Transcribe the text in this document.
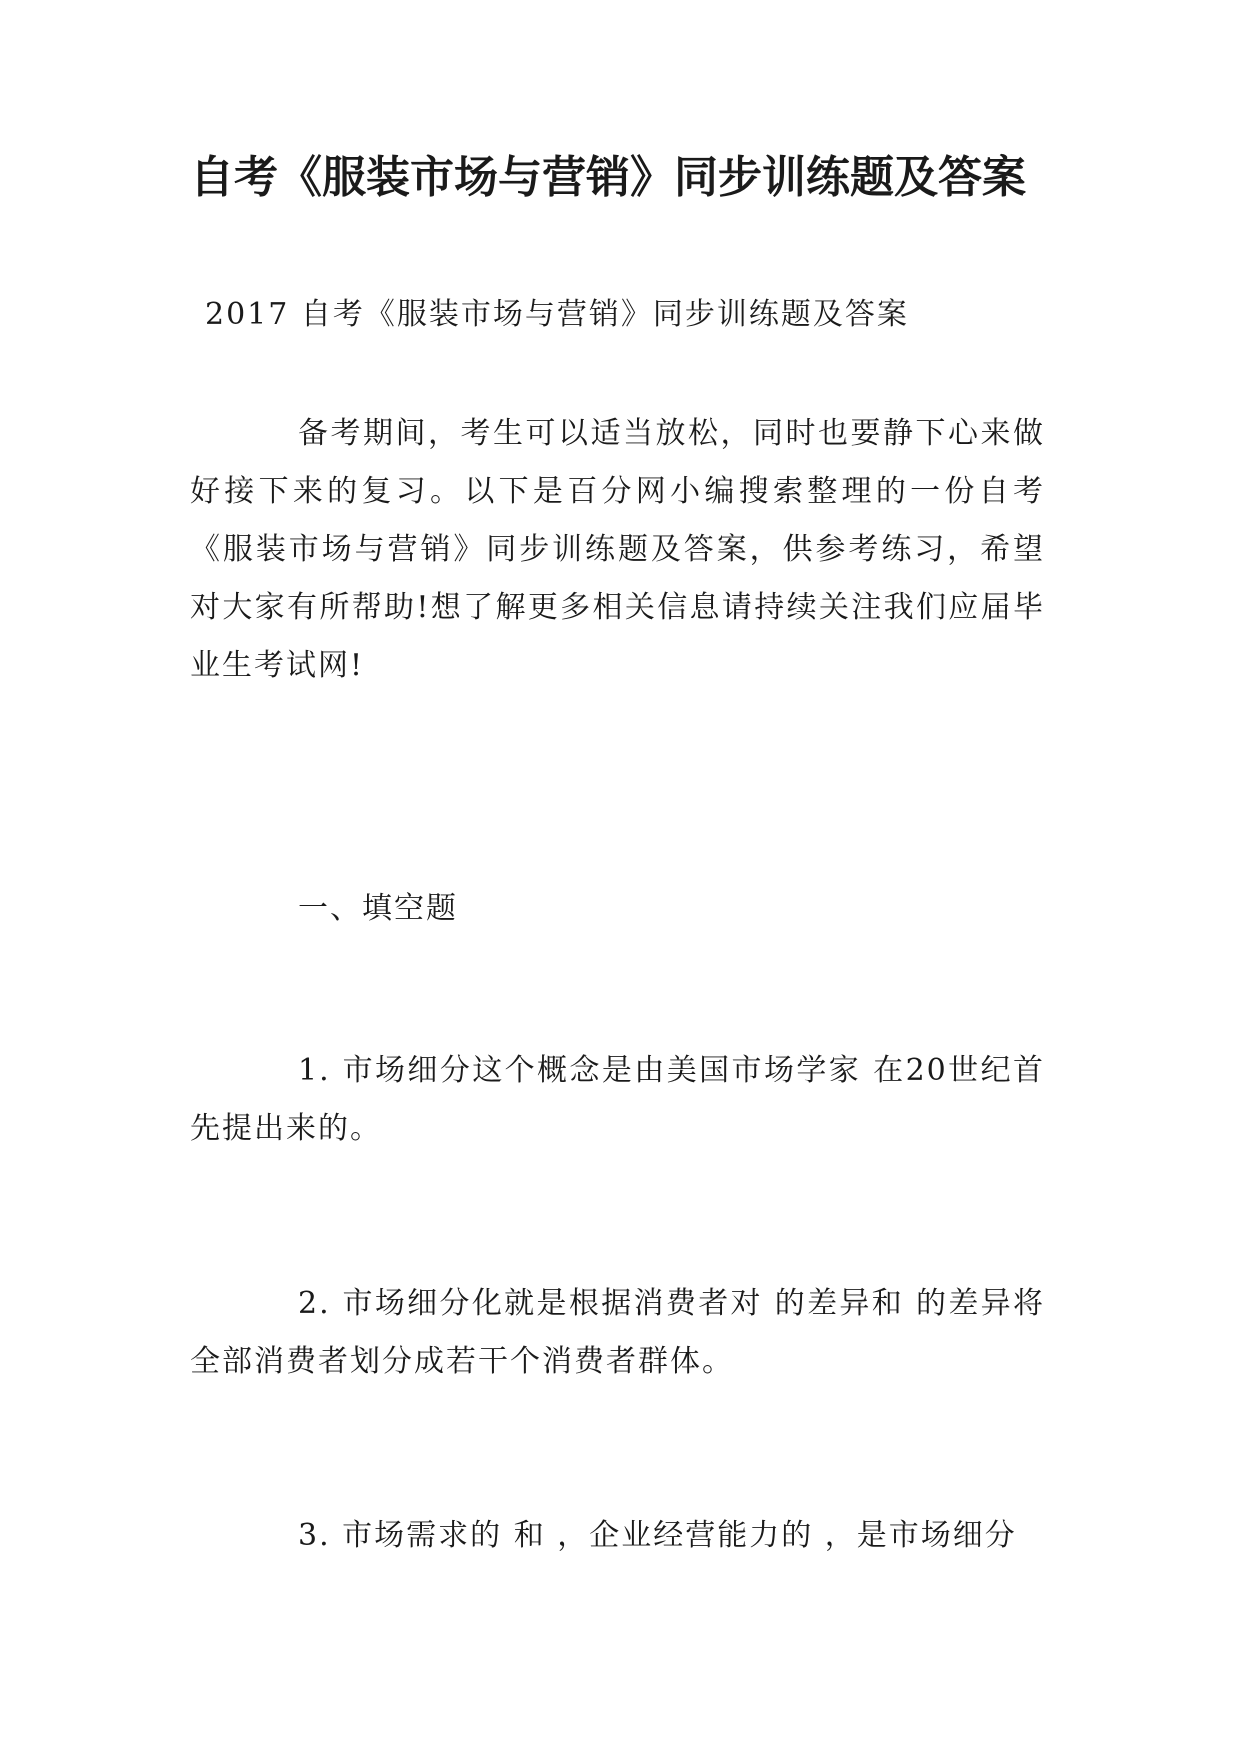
自考《服装市场与营销》同步训练题及答案
2017 自考《服装市场与营销》同步训练题及答案
备考期间，考生可以适当放松，同时也要静下心来做好接下来的复习。以下是百分网小编搜索整理的一份自考《服装市场与营销》同步训练题及答案，供参考练习，希望对大家有所帮助!想了解更多相关信息请持续关注我们应届毕业生考试网!
一、填空题
1. 市场细分这个概念是由美国市场学家 在20世纪首先提出来的。
2. 市场细分化就是根据消费者对 的差异和 的差异将全部消费者划分成若干个消费者群体。
3. 市场需求的 和 ，企业经营能力的 ，是市场细分
